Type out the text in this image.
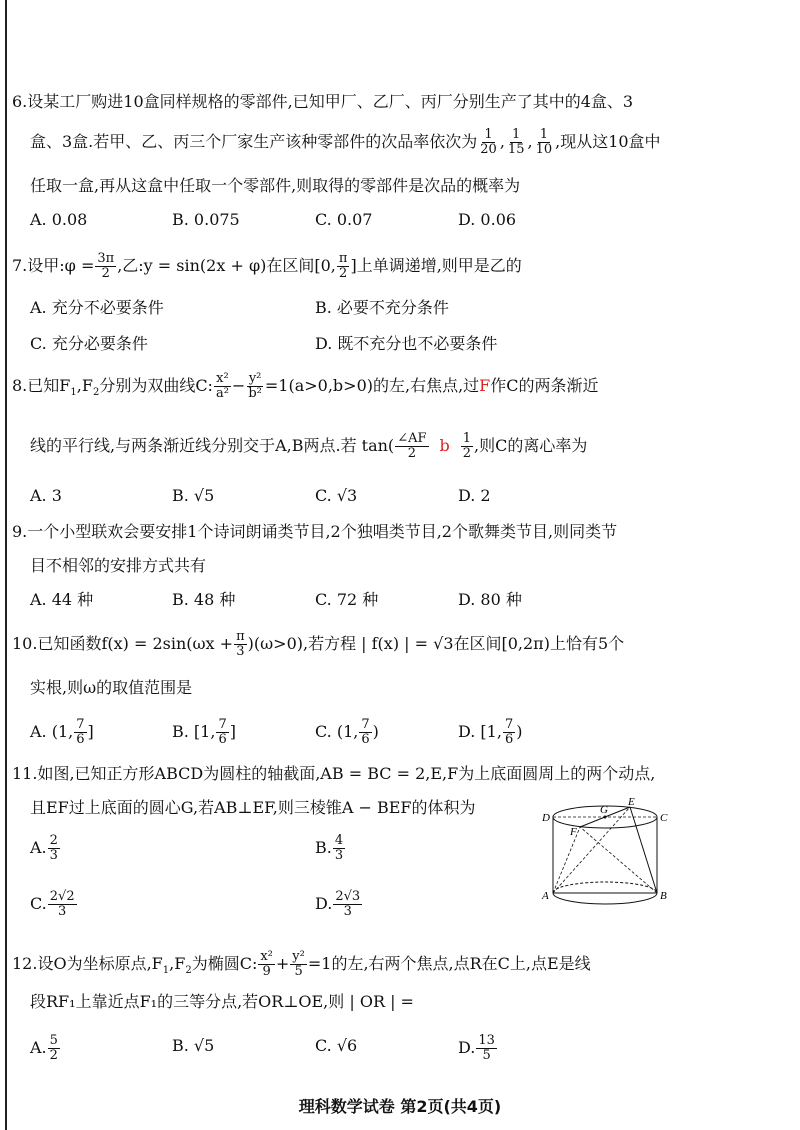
6.设某工厂购进10盒同样规格的零部件,已知甲厂、乙厂、丙厂分别生产了其中的4盒、3
盒、3盒.若甲、乙、丙三个厂家生产该种零部件的次品率依次为 $\frac{1}{20}$ , $\frac{1}{15}$ , $\frac{1}{10}$ ,现从这10盒中
任取一盒,再从这盒中任取一个零部件,则取得的零部件是次品的概率为
A. 0.08	B. 0.075	C. 0.07	D. 0.06
7.设甲:φ = $\frac{3\pi}{2}$ ,乙:y = sin(2x + φ)在区间[0, $\frac{\pi}{2}$ ]上单调递增,则甲是乙的
A. 充分不必要条件	B. 必要不充分条件
C. 充分必要条件	D. 既不充分也不必要条件
8.已知$F_1,F_2$分别为双曲线C: $\frac{\text{x²}}{\text{a²}} - \frac{\text{y²}}{\text{b²}} =1(a>0,b>0)$的左,右焦点,过F作C的两条渐近
线的平行线,与两条渐近线分别交于A,B两点.若 $\tan( \frac{\angle AF}{2}$ b $\frac{1}{2}$ ,则C的离心率为
A. 3	B. √5	C. √3	D. 2
9.一个小型联欢会要安排1个诗词朗诵类节目,2个独唱类节目,2个歌舞类节目,则同类节
目不相邻的安排方式共有
A. 44 种	B. 48 种	C. 72 种	D. 80 种
10.已知函数$f(x) = 2\sin(\omega x + \frac{\pi}{3} )(\omega>0)$,若方程 | f(x) | = √3在区间[0,2π)上恰有5个
实根,则ω的取值范围是
A. (1, $\frac{7}{6}$ ]	B. [1, $\frac{7}{6}$ ]	C. (1, $\frac{7}{6}$ )	D. [1, $\frac{7}{6}$ )
11.如图,已知正方形ABCD为圆柱的轴截面,AB = BC = 2,E,F为上底面圆周上的两个动点,
且EF过上底面的圆心G,若AB⊥EF,则三棱锥A − BEF的体积为
A. $\frac{2}{3}$	B. $\frac{4}{3}$
C. $\frac{2√2}{3}$	D. $\frac{2√3}{3}$
D
G
E
C
F
A	B
12.设O为坐标原点$,F_1,F_2$为椭圆C: $\frac{\text{x²}}{9} + \frac{\text{y²}}{5} =1$的左,右两个焦点,点R在C上,点E是线
段RF₁上靠近点F₁的三等分点,若OR⊥OE,则 | OR | =
A. $\frac{5}{2}$	B. √5	C. √6	D. $\frac{13}{5}$
理科数学试卷 第2页(共4页)
